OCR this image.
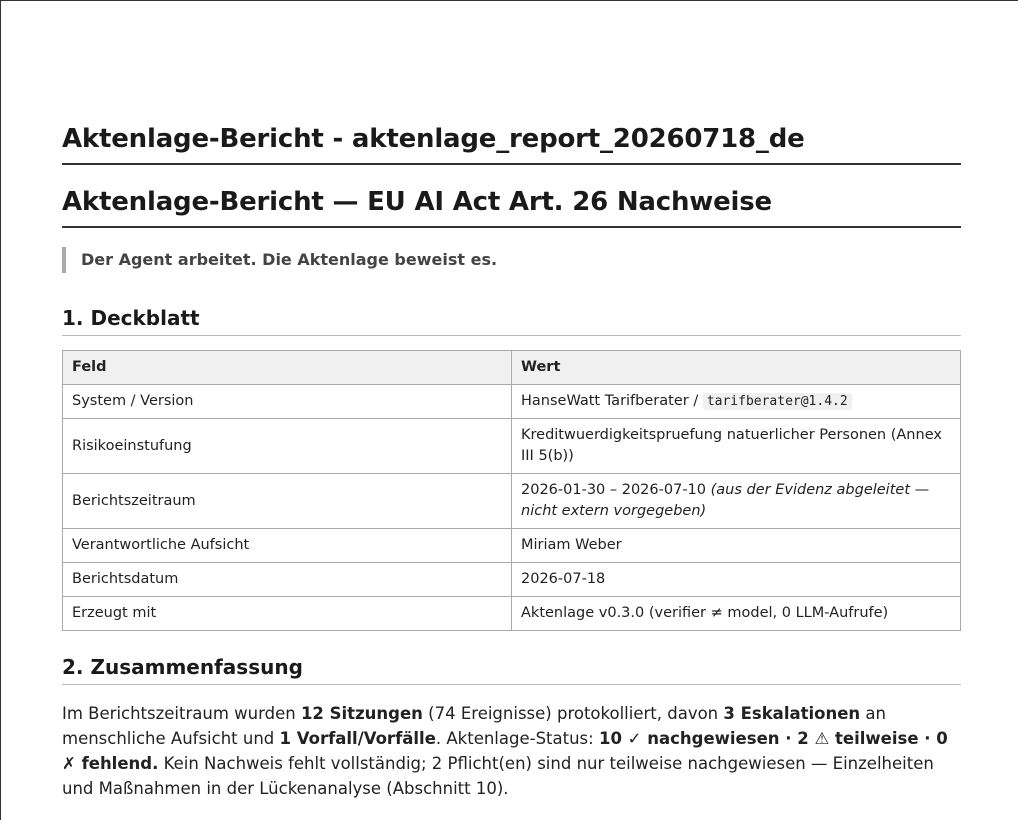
Aktenlage-Bericht - aktenlage_report_20260718_de
Aktenlage-Bericht — EU AI Act Art. 26 Nachweise
Der Agent arbeitet. Die Aktenlage beweist es.
1. Deckblatt
Feld	Wert
System / Version	HanseWatt Tarifberater / tarifberater@1.4.2
Risikoeinstufung	Kreditwuerdigkeitspruefung natuerlicher Personen (Annex III 5(b))
Berichtszeitraum	2026-01-30 – 2026-07-10 (aus der Evidenz abgeleitet — nicht extern vorgegeben)
Verantwortliche Aufsicht	Miriam Weber
Berichtsdatum	2026-07-18
Erzeugt mit	Aktenlage v0.3.0 (verifier ≠ model, 0 LLM-Aufrufe)
2. Zusammenfassung

Im Berichtszeitraum wurden 12 Sitzungen (74 Ereignisse) protokolliert, davon 3 Eskalationen an menschliche Aufsicht und 1 Vorfall/Vorfälle. Aktenlage-Status: 10 ✓ nachgewiesen · 2 ⚠ teilweise · 0 ✗ fehlend. Kein Nachweis fehlt vollständig; 2 Pflicht(en) sind nur teilweise nachgewiesen — Einzelheiten und Maßnahmen in der Lückenanalyse (Abschnitt 10).
